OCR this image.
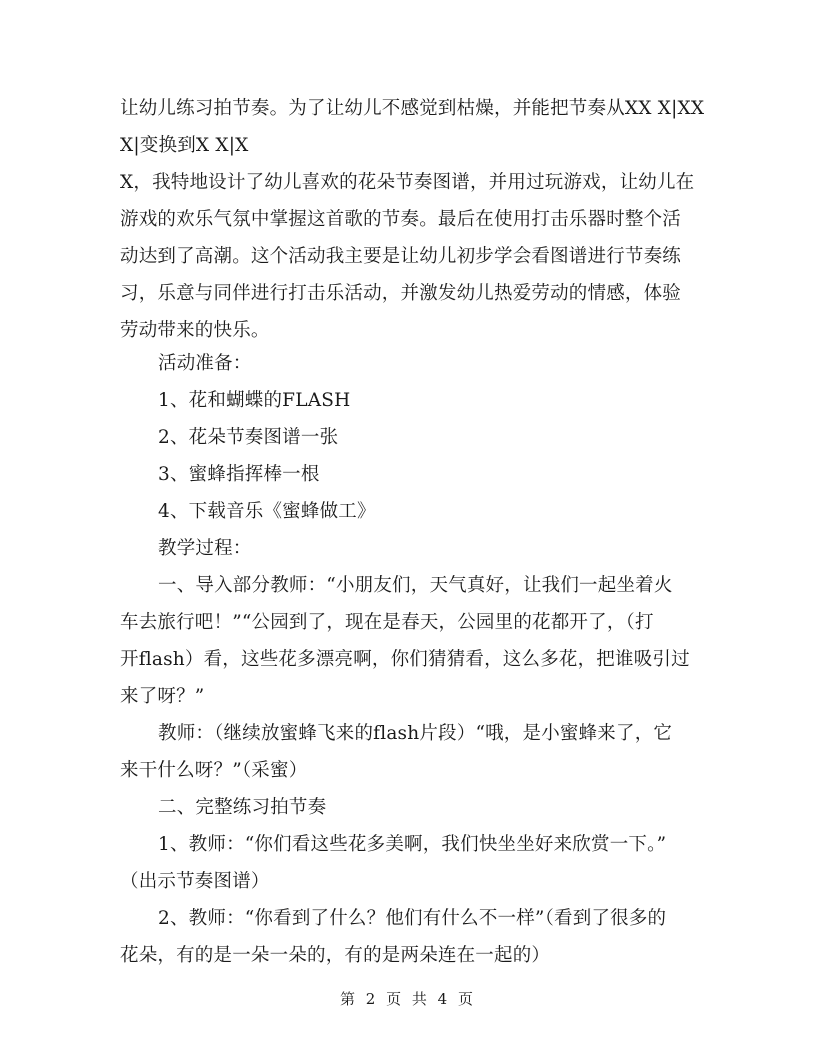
让幼儿练习拍节奏。为了让幼儿不感觉到枯燥，并能把节奏从XX X|XX
X|变换到X X|X
X，我特地设计了幼儿喜欢的花朵节奏图谱，并用过玩游戏，让幼儿在
游戏的欢乐气氛中掌握这首歌的节奏。最后在使用打击乐器时整个活
动达到了高潮。这个活动我主要是让幼儿初步学会看图谱进行节奏练
习，乐意与同伴进行打击乐活动，并激发幼儿热爱劳动的情感，体验
劳动带来的快乐。
活动准备：
1、花和蝴蝶的FLASH
2、花朵节奏图谱一张
3、蜜蜂指挥棒一根
4、下载音乐《蜜蜂做工》
教学过程：
一、导入部分教师：“小朋友们，天气真好，让我们一起坐着火
车去旅行吧！”“公园到了，现在是春天，公园里的花都开了，（打
开flash）看，这些花多漂亮啊，你们猜猜看，这么多花，把谁吸引过
来了呀？”
教师：（继续放蜜蜂飞来的flash片段）“哦，是小蜜蜂来了，它
来干什么呀？”（采蜜）
二、完整练习拍节奏
1、教师：“你们看这些花多美啊，我们快坐坐好来欣赏一下。”
（出示节奏图谱）
2、教师：“你看到了什么？他们有什么不一样”（看到了很多的
花朵，有的是一朵一朵的，有的是两朵连在一起的）
第 2 页 共 4 页
